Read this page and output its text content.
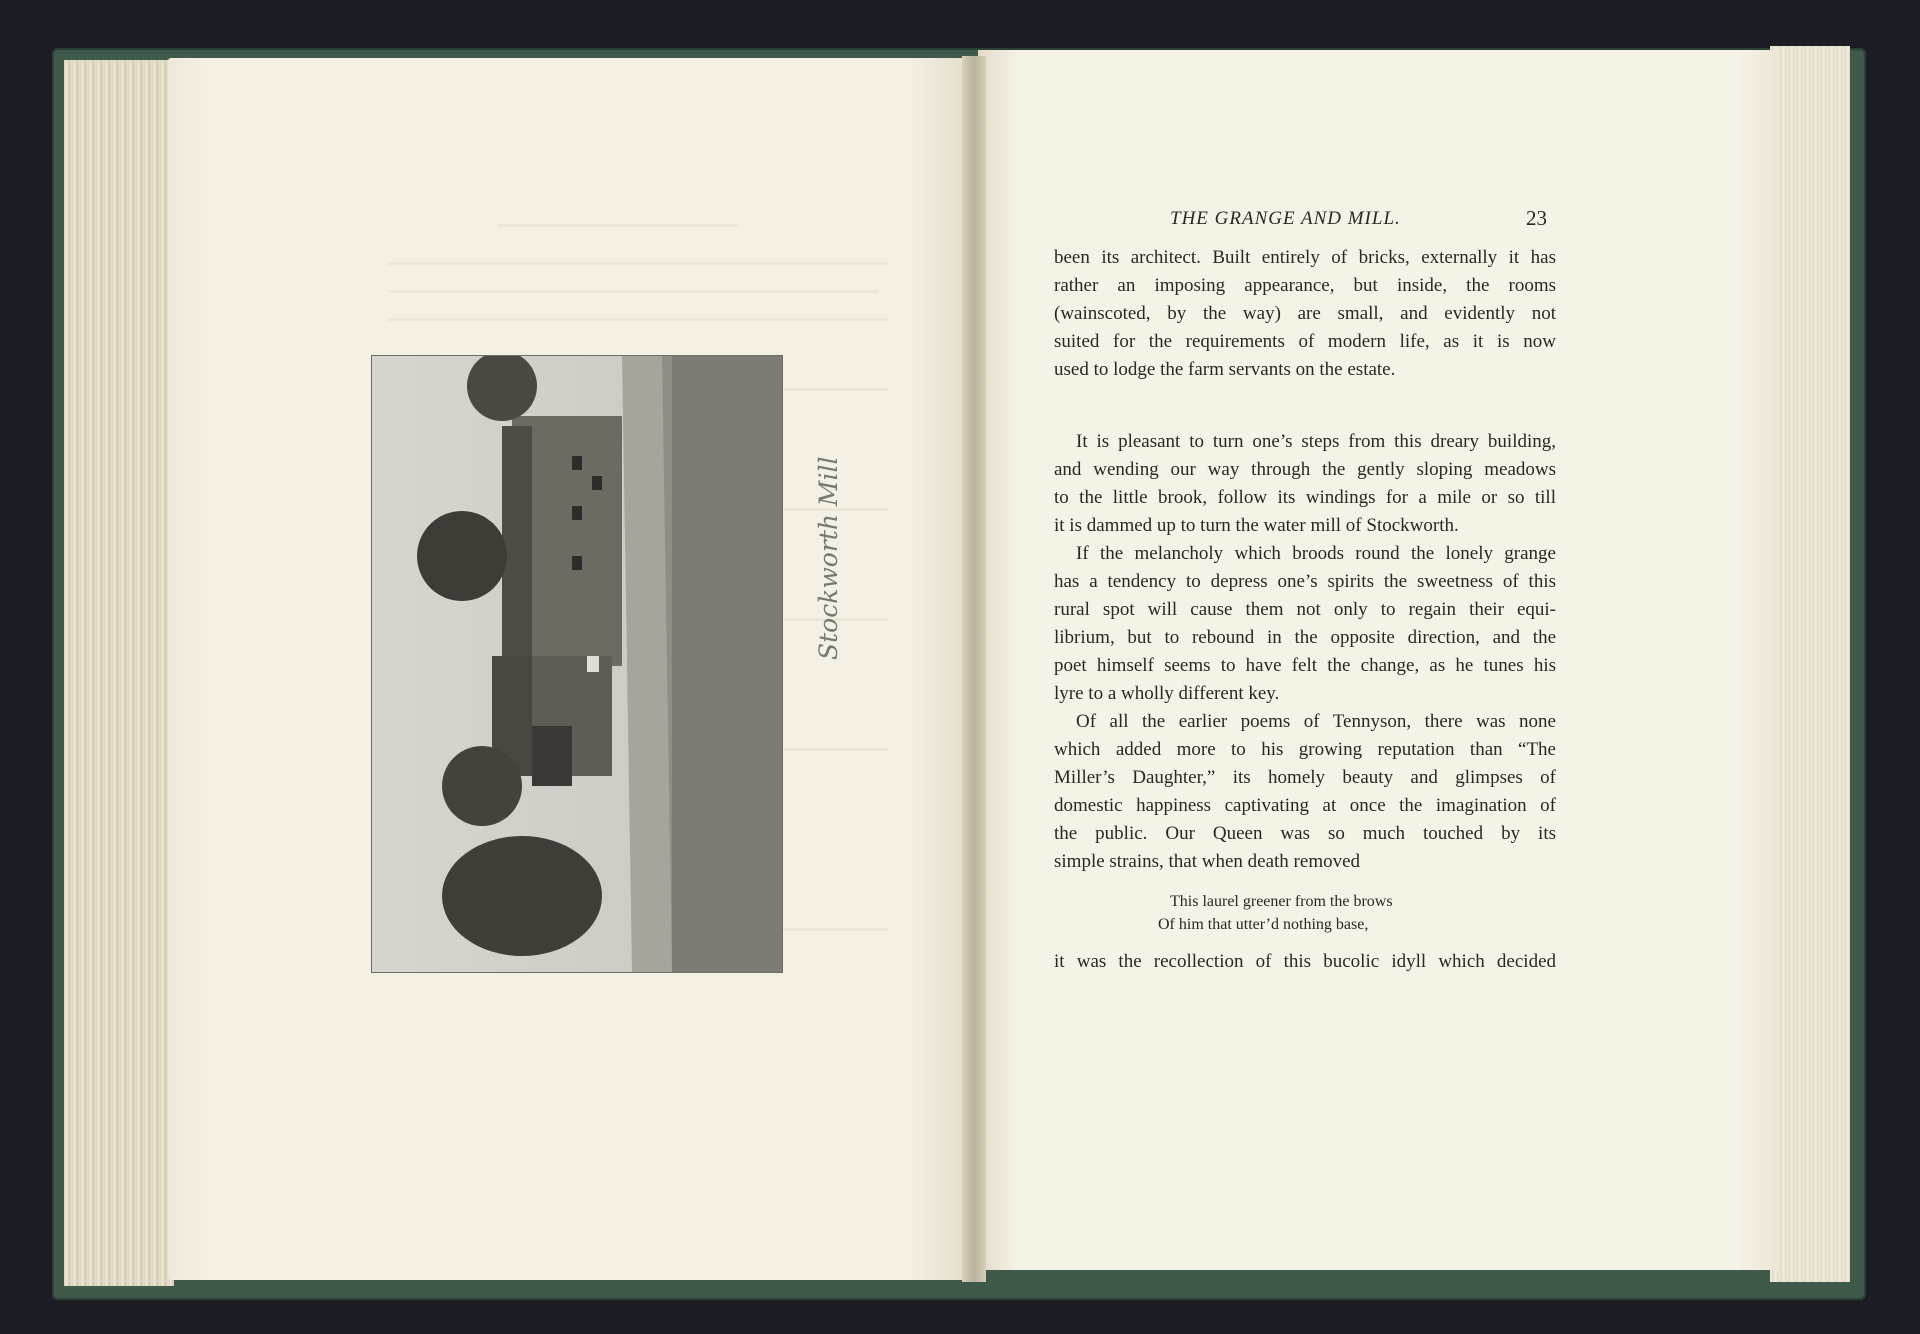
Stockworth Mill
THE GRANGE AND MILL.	23
been its architect. Built entirely of bricks, externally it has
rather an imposing appearance, but inside, the rooms
(wainscoted, by the way) are small, and evidently not
suited for the requirements of modern life, as it is now
used to lodge the farm servants on the estate.
It is pleasant to turn one’s steps from this dreary building,
and wending our way through the gently sloping meadows
to the little brook, follow its windings for a mile or so till
it is dammed up to turn the water mill of Stockworth.
If the melancholy which broods round the lonely grange
has a tendency to depress one’s spirits the sweetness of this
rural spot will cause them not only to regain their equi-
librium, but to rebound in the opposite direction, and the
poet himself seems to have felt the change, as he tunes his
lyre to a wholly different key.
Of all the earlier poems of Tennyson, there was none
which added more to his growing reputation than “The
Miller’s Daughter,” its homely beauty and glimpses of
domestic happiness captivating at once the imagination of
the public. Our Queen was so much touched by its
simple strains, that when death removed
This laurel greener from the brows
Of him that utter’d nothing base,
it was the recollection of this bucolic idyll which decided
